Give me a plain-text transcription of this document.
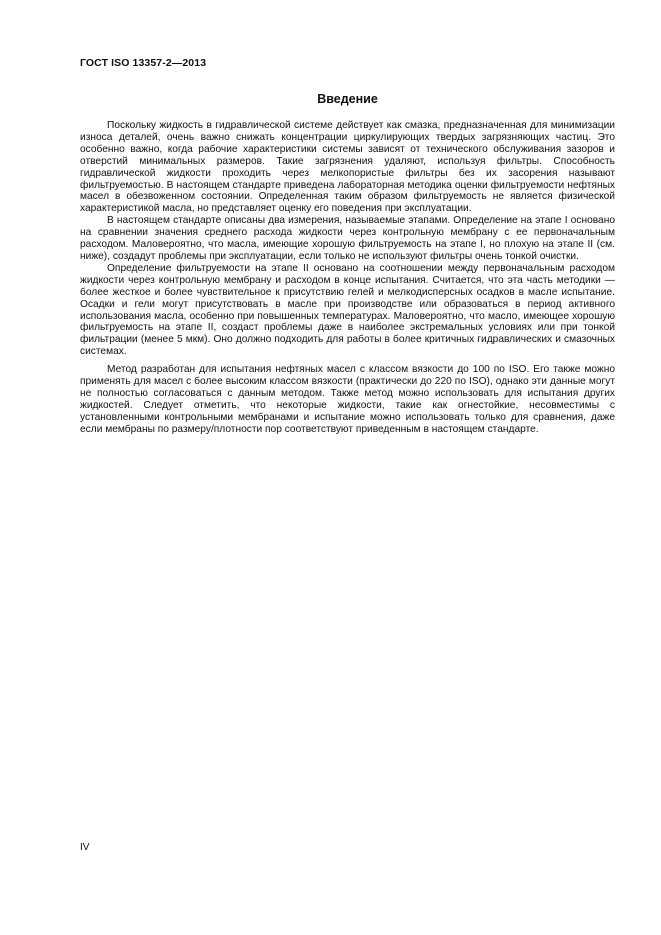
ГОСТ ISO 13357-2—2013
Введение

Поскольку жидкость в гидравлической системе действует как смазка, предназначенная для минимизации износа деталей, очень важно снижать концентрации циркулирующих твердых загрязняющих частиц. Это особенно важно, когда рабочие характеристики системы зависят от технического обслуживания зазоров и отверстий минимальных размеров. Такие загрязнения удаляют, используя фильтры. Способность гидравлической жидкости проходить через мелкопористые фильтры без их засорения называют фильтруемостью. В настоящем стандарте приведена лабораторная методика оценки фильтруемости нефтяных масел в обезвоженном состоянии. Определенная таким образом фильтруемость не является физической характеристикой масла, но представляет оценку его поведения при эксплуатации.

В настоящем стандарте описаны два измерения, называемые этапами. Определение на этапе I основано на сравнении значения среднего расхода жидкости через контрольную мембрану с ее первоначальным расходом. Маловероятно, что масла, имеющие хорошую фильтруемость на этапе I, но плохую на этапе II (см. ниже), создадут проблемы при эксплуатации, если только не используют фильтры очень тонкой очистки.

Определение фильтруемости на этапе II основано на соотношении между первоначальным расходом жидкости через контрольную мембрану и расходом в конце испытания. Считается, что эта часть методики — более жесткое и более чувствительное к присутствию гелей и мелкодисперсных осадков в масле испытание. Осадки и гели могут присутствовать в масле при производстве или образоваться в период активного использования масла, особенно при повышенных температурах. Маловероятно, что масло, имеющее хорошую фильтруемость на этапе II, создаст проблемы даже в наиболее экстремальных условиях или при тонкой фильтрации (менее 5 мкм). Оно должно подходить для работы в более критичных гидравлических и смазочных системах.

Метод разработан для испытания нефтяных масел с классом вязкости до 100 по ISO. Его также можно применять для масел с более высоким классом вязкости (практически до 220 по ISO), однако эти данные могут не полностью согласоваться с данным методом. Также метод можно использовать для испытания других жидкостей. Следует отметить, что некоторые жидкости, такие как огнестойкие, несовместимы с установленными контрольными мембранами и испытание можно использовать только для сравнения, даже если мембраны по размеру/плотности пор соответствуют приведенным в настоящем стандарте.

IV
